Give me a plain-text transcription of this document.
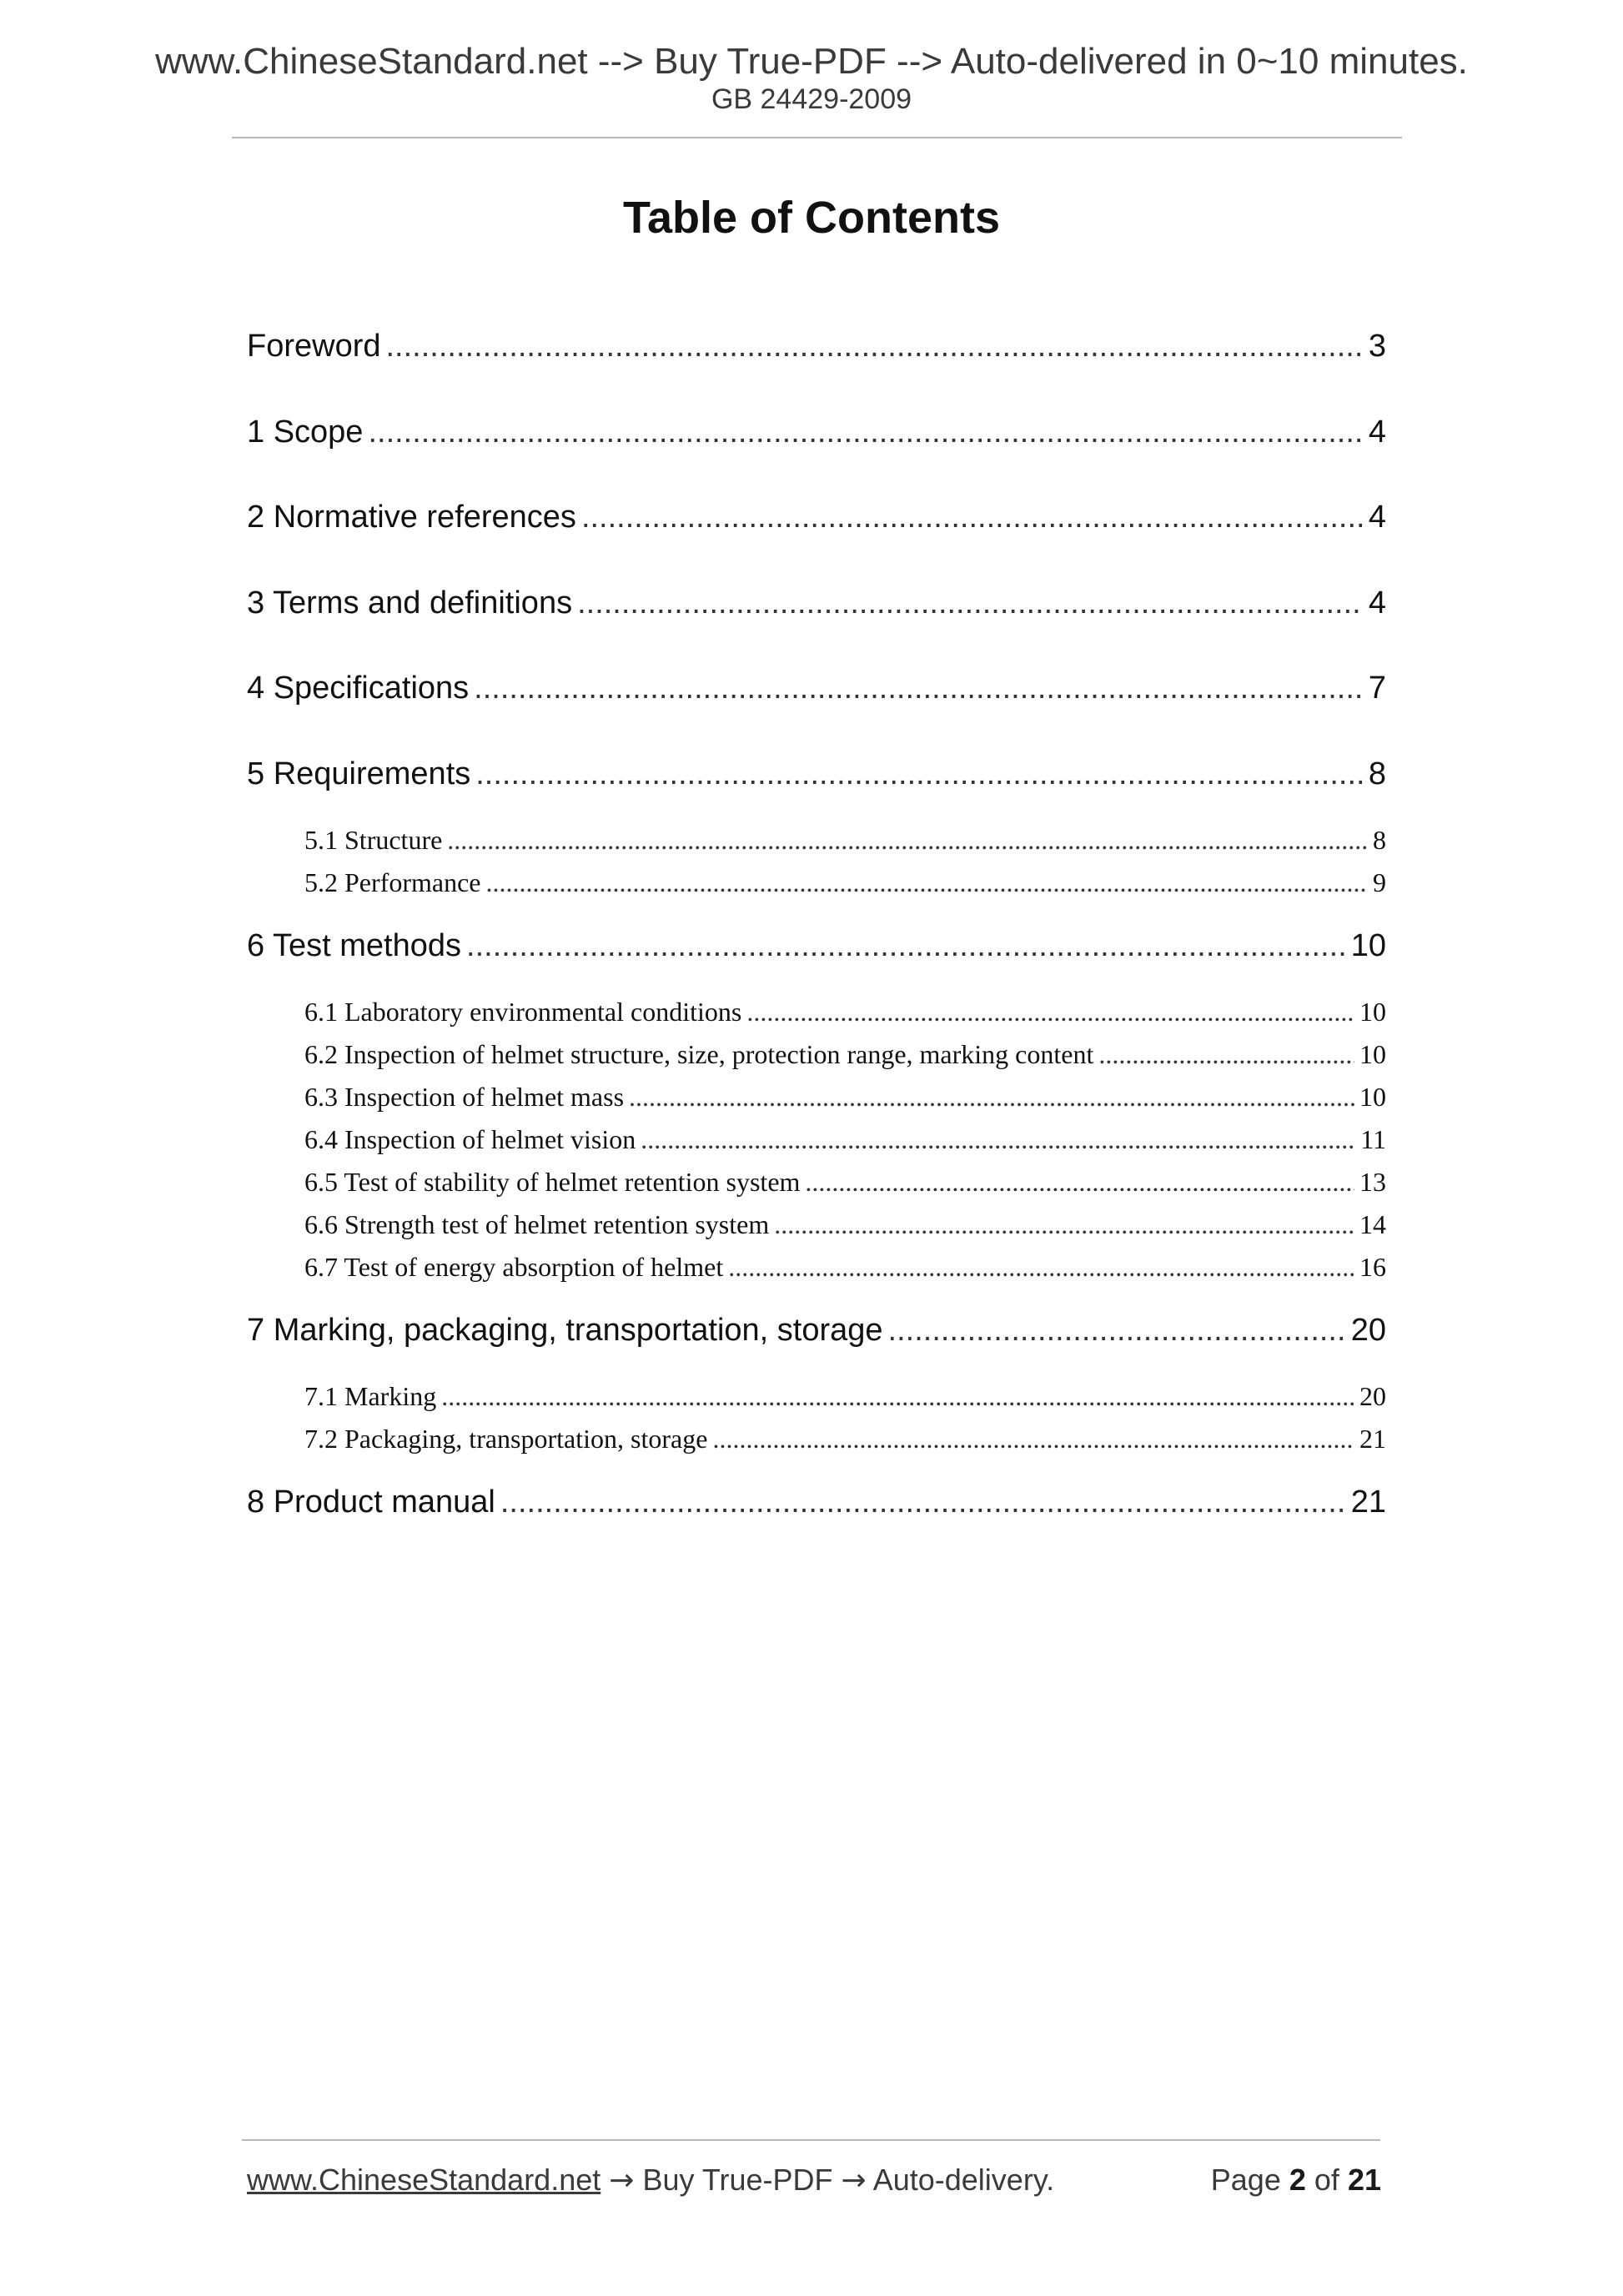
www.ChineseStandard.net --> Buy True-PDF --> Auto-delivered in 0~10 minutes.
GB 24429-2009
Table of Contents
Foreword .....	3
1 Scope .....	4
2 Normative references .....	4
3 Terms and definitions .....	4
4 Specifications .....	7
5 Requirements .....	8
5.1 Structure .....	8
5.2 Performance .....	9
6 Test methods .....	10
6.1 Laboratory environmental conditions .....	10
6.2 Inspection of helmet structure, size, protection range, marking content .....	10
6.3 Inspection of helmet mass .....	10
6.4 Inspection of helmet vision .....	11
6.5 Test of stability of helmet retention system .....	13
6.6 Strength test of helmet retention system .....	14
6.7 Test of energy absorption of helmet .....	16
7 Marking, packaging, transportation, storage .....	20
7.1 Marking .....	20
7.2 Packaging, transportation, storage .....	21
8 Product manual .....	21
www.ChineseStandard.net → Buy True-PDF → Auto-delivery.	Page 2 of 21
